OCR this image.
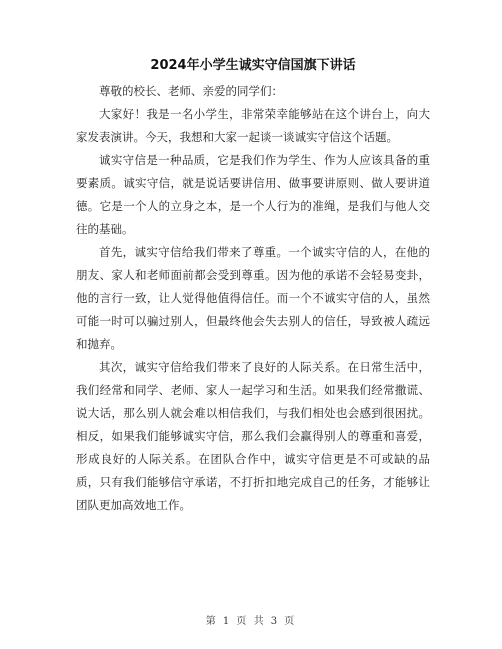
2024年小学生诚实守信国旗下讲话

尊敬的校长、老师、亲爱的同学们：

大家好！我是一名小学生，非常荣幸能够站在这个讲台上，向大家发表演讲。今天，我想和大家一起谈一谈诚实守信这个话题。

诚实守信是一种品质，它是我们作为学生、作为人应该具备的重要素质。诚实守信，就是说话要讲信用、做事要讲原则、做人要讲道德。它是一个人的立身之本，是一个人行为的准绳，是我们与他人交往的基础。

首先，诚实守信给我们带来了尊重。一个诚实守信的人，在他的朋友、家人和老师面前都会受到尊重。因为他的承诺不会轻易变卦，他的言行一致，让人觉得他值得信任。而一个不诚实守信的人，虽然可能一时可以骗过别人，但最终他会失去别人的信任，导致被人疏远和抛弃。

其次，诚实守信给我们带来了良好的人际关系。在日常生活中，我们经常和同学、老师、家人一起学习和生活。如果我们经常撒谎、说大话，那么别人就会难以相信我们，与我们相处也会感到很困扰。相反，如果我们能够诚实守信，那么我们会赢得别人的尊重和喜爱，形成良好的人际关系。在团队合作中，诚实守信更是不可或缺的品质，只有我们能够信守承诺，不打折扣地完成自己的任务，才能够让团队更加高效地工作。

第 1 页 共 3 页
